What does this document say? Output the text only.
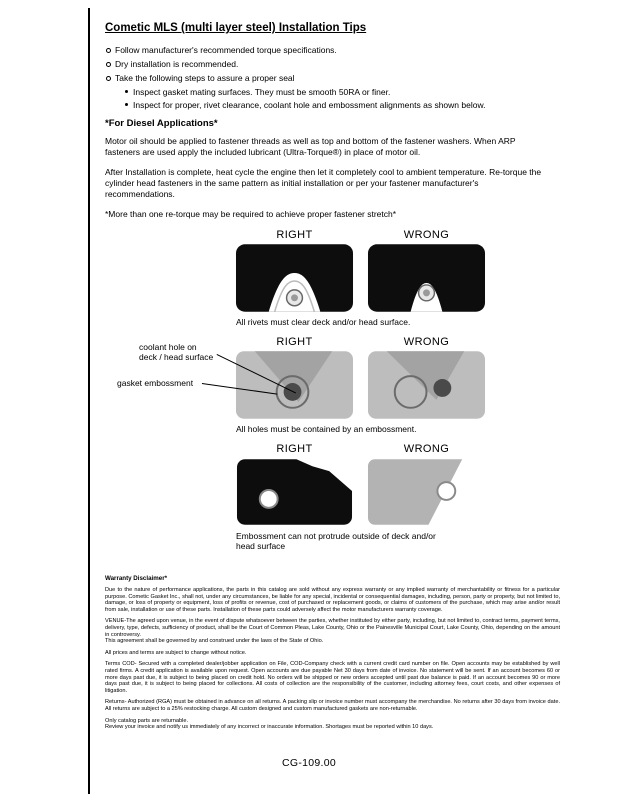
Cometic MLS (multi layer steel) Installation Tips
Follow manufacturer's recommended torque specifications.
Dry installation is recommended.
Take the following steps to assure a proper seal
Inspect gasket mating surfaces. They must be smooth 50RA or finer.
Inspect for proper, rivet clearance, coolant hole and embossment alignments as shown below.
*For Diesel Applications*

Motor oil should be applied to fastener threads as well as top and bottom of the fastener washers. When ARP fasteners are used apply the included lubricant (Ultra-Torque®) in place of motor oil.

After Installation is complete, heat cycle the engine then let it completely cool to ambient temperature. Re-torque the cylinder head fasteners in the same pattern as initial installation or per your fastener manufacturer's recommendations.

*More than one re-torque may be required to achieve proper fastener stretch*

RIGHT	WRONG
All rivets must clear deck and/or head surface.
RIGHT	WRONG
coolant hole on
deck / head surface
gasket embossment
All holes must be contained by an embossment.
RIGHT	WRONG
Embossment can not protrude outside of deck and/or head surface
Warranty Disclaimer*

Due to the nature of performance applications, the parts in this catalog are sold without any express warranty or any implied warranty of merchantability or fitness for a particular purpose. Cometic Gasket Inc., shall not, under any circumstances, be liable for any special, incidental or consequential damages, including, person, party or property, but not limited to, damage, or loss of property or equipment, loss of profits or revenue, cost of purchased or replacement goods, or claims of customers of the purchase, which may arise and/or result from sale, installation or use of these parts. Installation of these parts could adversely affect the motor manufacturers warranty coverage.

VENUE-The agreed upon venue, in the event of dispute whatsoever between the parties, whether instituted by either party, including, but not limited to, contract terms, payment terms, delivery, type, defects, sufficiency of product, shall be the Court of Common Pleas, Lake County, Ohio or the Painesville Municipal Court, Lake County, Ohio, depending on the amount in controversy.

This agreement shall be governed by and construed under the laws of the State of Ohio.

All prices and terms are subject to change without notice.

Terms COD- Secured with a completed dealer/jobber application on File, COD-Company check with a current credit card number on file. Open accounts may be established by well rated firms. A credit application is available upon request. Open accounts are due payable Net 30 days from date of invoice. No statement will be sent. If an account becomes 60 or more days past due, it is subject to being placed on credit hold. No orders will be shipped or new orders accepted until past due balance is paid. If an account becomes 90 or more days past due, it is subject to being placed for collections. All costs of collection are the responsibility of the customer, including attorney fees, court costs, and other expenses of litigation.

Returns- Authorized (RGA) must be obtained in advance on all returns. A packing slip or invoice number must accompany the merchandise. No returns after 30 days from invoice date. All returns are subject to a 25% restocking charge. All custom designed and custom manufactured gaskets are non-returnable.

Only catalog parts are returnable.

Review your invoice and notify us immediately of any incorrect or inaccurate information. Shortages must be reported within 10 days.

CG-109.00
